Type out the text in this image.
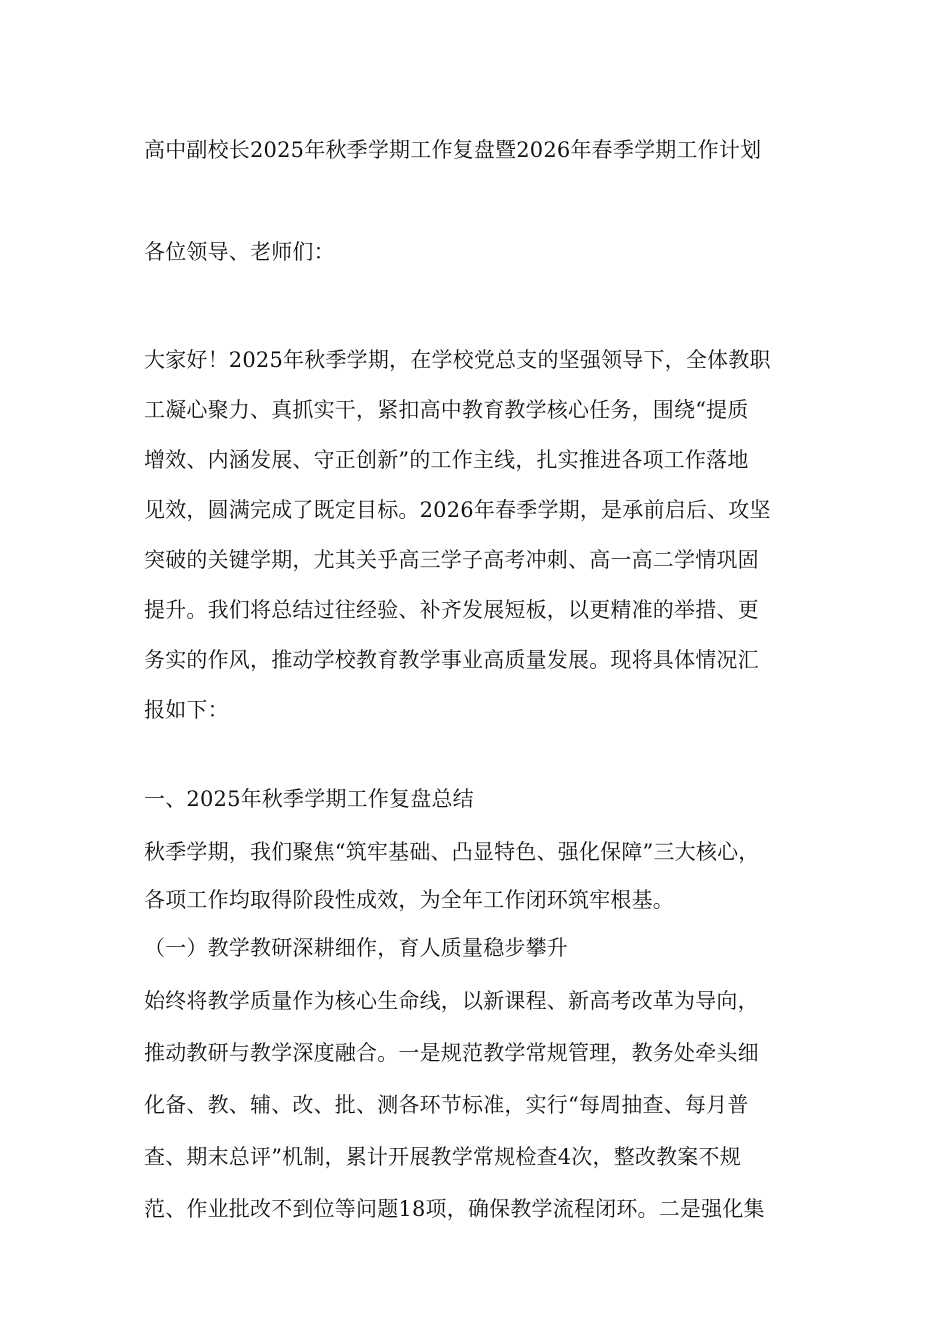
高中副校长2025年秋季学期工作复盘暨2026年春季学期工作计划
各位领导、老师们：
大家好！2025年秋季学期，在学校党总支的坚强领导下，全体教职
工凝心聚力、真抓实干，紧扣高中教育教学核心任务，围绕“提质
增效、内涵发展、守正创新”的工作主线，扎实推进各项工作落地
见效，圆满完成了既定目标。2026年春季学期，是承前启后、攻坚
突破的关键学期，尤其关乎高三学子高考冲刺、高一高二学情巩固
提升。我们将总结过往经验、补齐发展短板，以更精准的举措、更
务实的作风，推动学校教育教学事业高质量发展。现将具体情况汇
报如下：
一、2025年秋季学期工作复盘总结
秋季学期，我们聚焦“筑牢基础、凸显特色、强化保障”三大核心，
各项工作均取得阶段性成效，为全年工作闭环筑牢根基。
（一）教学教研深耕细作，育人质量稳步攀升
始终将教学质量作为核心生命线，以新课程、新高考改革为导向，
推动教研与教学深度融合。一是规范教学常规管理，教务处牵头细
化备、教、辅、改、批、测各环节标准，实行“每周抽查、每月普
查、期末总评”机制，累计开展教学常规检查4次，整改教案不规
范、作业批改不到位等问题18项，确保教学流程闭环。二是强化集
